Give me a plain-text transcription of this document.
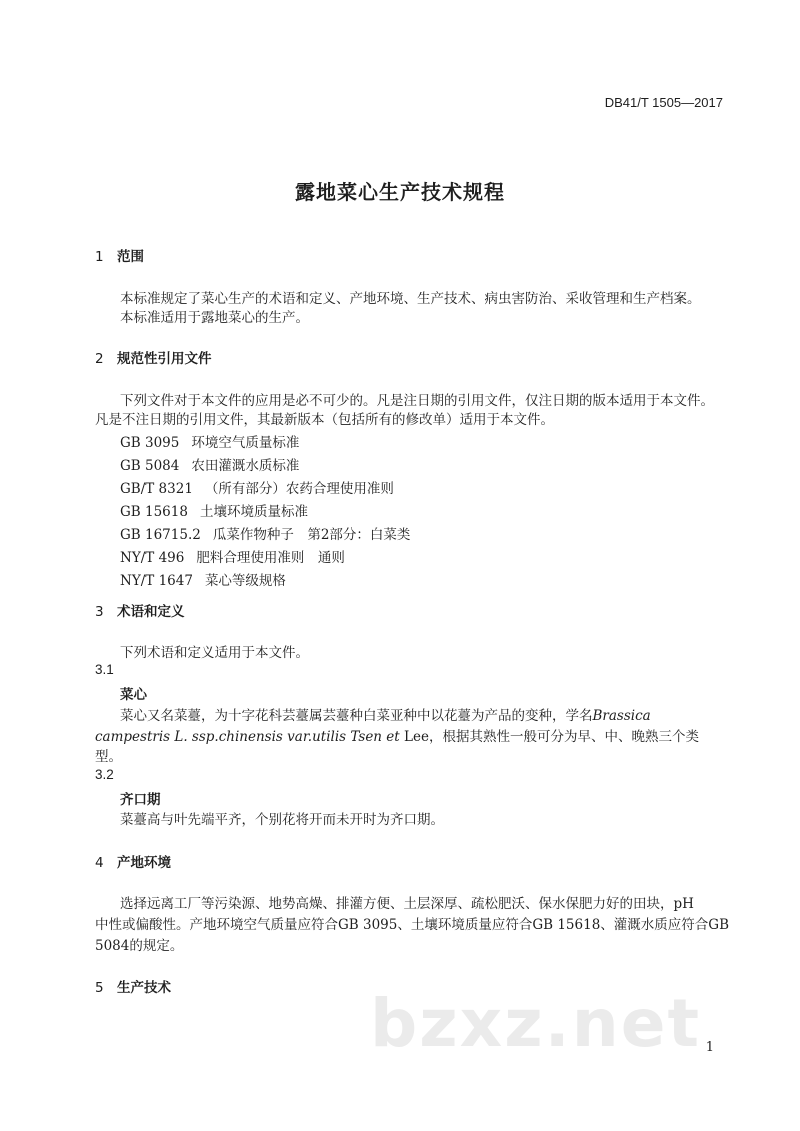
DB41/T 1505—2017
露地菜心生产技术规程
1 范围
本标准规定了菜心生产的术语和定义、产地环境、生产技术、病虫害防治、采收管理和生产档案。
本标准适用于露地菜心的生产。
2 规范性引用文件
下列文件对于本文件的应用是必不可少的。凡是注日期的引用文件，仅注日期的版本适用于本文件。
凡是不注日期的引用文件，其最新版本（包括所有的修改单）适用于本文件。
GB 3095 环境空气质量标准
GB 5084 农田灌溉水质标准
GB/T 8321 （所有部分）农药合理使用准则
GB 15618 土壤环境质量标准
GB 16715.2 瓜菜作物种子　第2部分：白菜类
NY/T 496 肥料合理使用准则　通则
NY/T 1647 菜心等级规格
3 术语和定义
下列术语和定义适用于本文件。
3.1
菜心
菜心又名菜薹，为十字花科芸薹属芸薹种白菜亚种中以花薹为产品的变种，学名Brassica
campestris L. ssp.chinensis var.utilis Tsen et Lee，根据其熟性一般可分为早、中、晚熟三个类
型。
3.2
齐口期
菜薹高与叶先端平齐，个别花将开而未开时为齐口期。
4 产地环境
选择远离工厂等污染源、地势高燥、排灌方便、土层深厚、疏松肥沃、保水保肥力好的田块，pH
中性或偏酸性。产地环境空气质量应符合GB 3095、土壤环境质量应符合GB 15618、灌溉水质应符合GB
5084的规定。
5 生产技术	bzxz.net 1
